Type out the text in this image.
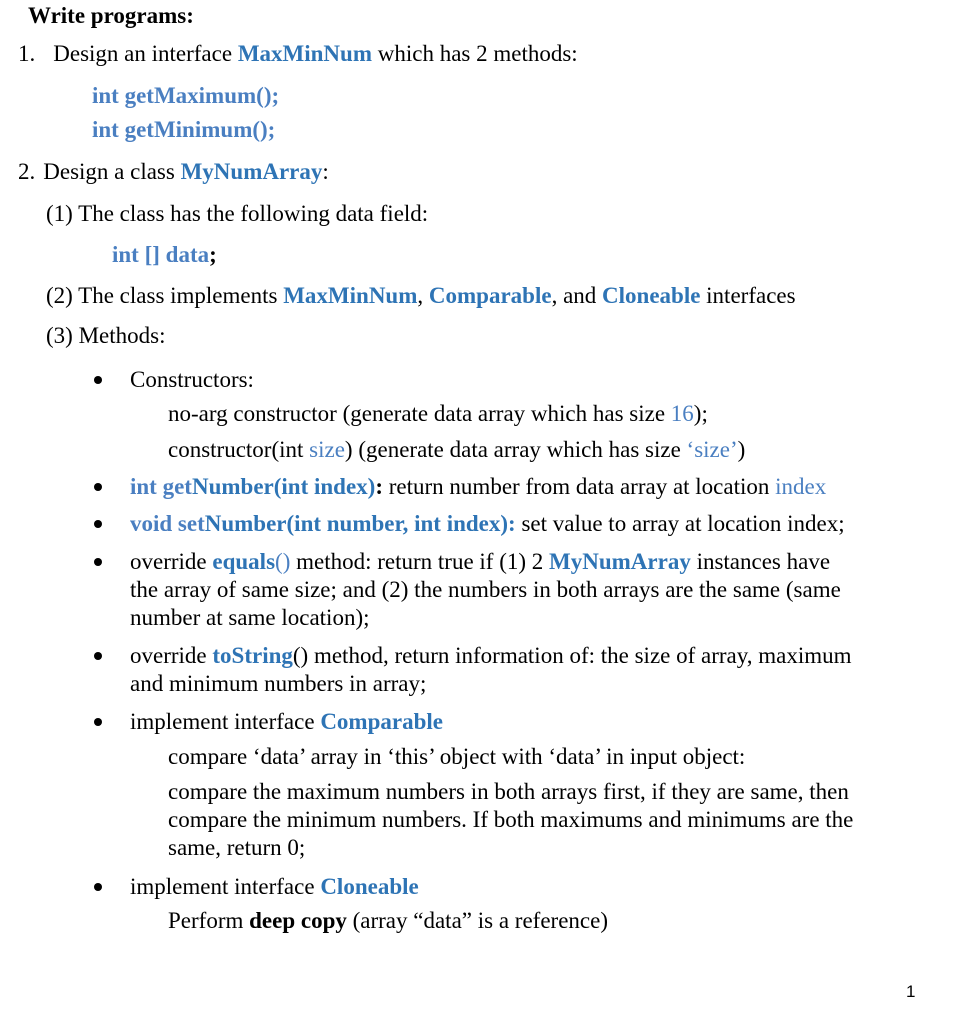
Write programs:
1. Design an interface MaxMinNum which has 2 methods:
int getMaximum();
int getMinimum();
2. Design a class MyNumArray:
(1) The class has the following data field:
int [] data;
(2) The class implements MaxMinNum, Comparable, and Cloneable interfaces
(3) Methods:
Constructors:
no-arg constructor (generate data array which has size 16);
constructor(int size) (generate data array which has size ‘size’)
int getNumber(int index): return number from data array at location index
void setNumber(int number, int index): set value to array at location index;
override equals() method: return true if (1) 2 MyNumArray instances have
the array of same size; and (2) the numbers in both arrays are the same (same
number at same location);
override toString() method, return information of: the size of array, maximum
and minimum numbers in array;
implement interface Comparable
compare ‘data’ array in ‘this’ object with ‘data’ in input object:
compare the maximum numbers in both arrays first, if they are same, then
compare the minimum numbers. If both maximums and minimums are the
same, return 0;
implement interface Cloneable
Perform deep copy (array “data” is a reference)
1
